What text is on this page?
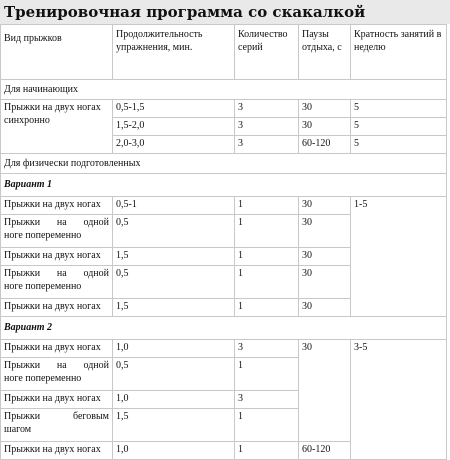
Тренировочная программа со скакалкой
Вид прыжков	Продолжительность упражнения, мин.	Количество серий	Паузы отдыха, с	Кратность занятий в неделю
Для начинающих				
Прыжки на двух ногах синхронно	0,5-1,5	3	30	5
	1,5-2,0	3	30	5
	2,0-3,0	3	60-120	5
Для физически подготовленных				
Вариант 1				
Прыжки на двух ногах	0,5-1	1	30	1-5

Прыжки на одной
ноге попеременно	0,5	1	30	
Прыжки на двух ногах	1,5	1	30	

Прыжки на одной
ноге попеременно	0,5	1	30	
Прыжки на двух ногах	1,5	1	30	
Вариант 2				
Прыжки на двух ногах	1,0	3	30	3-5

Прыжки на одной
ноге попеременно	0,5	1		
Прыжки на двух ногах	1,0	3		

Прыжки беговым
шагом	1,5	1		
Прыжки на двух ногах	1,0	1	60-120	
